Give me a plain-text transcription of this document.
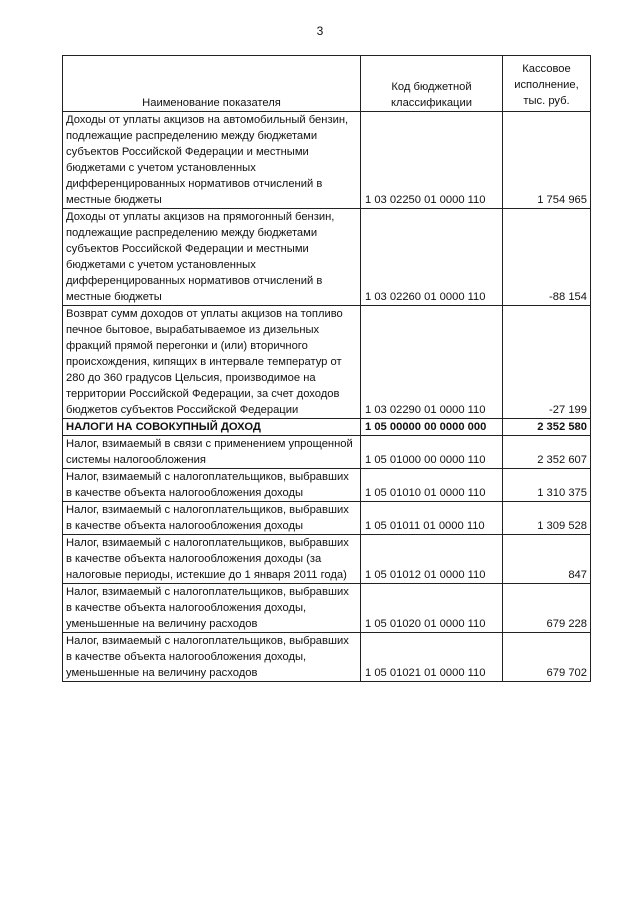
3
Наименование показателя	Код бюджетной классификации	Кассовое исполнение, тыс. руб.
Доходы от уплаты акцизов на автомобильный бензин, подлежащие распределению между бюджетами субъектов Российской Федерации и местными бюджетами с учетом установленных дифференцированных нормативов отчислений в местные бюджеты	1 03 02250 01 0000 110	1 754 965
Доходы от уплаты акцизов на прямогонный бензин, подлежащие распределению между бюджетами субъектов Российской Федерации и местными бюджетами с учетом установленных дифференцированных нормативов отчислений в местные бюджеты	1 03 02260 01 0000 110	-88 154
Возврат сумм доходов от уплаты акцизов на топливо печное бытовое, вырабатываемое из дизельных фракций прямой перегонки и (или) вторичного происхождения, кипящих в интервале температур от 280 до 360 градусов Цельсия, производимое на территории Российской Федерации, за счет доходов бюджетов субъектов Российской Федерации	1 03 02290 01 0000 110	-27 199
НАЛОГИ НА СОВОКУПНЫЙ ДОХОД	1 05 00000 00 0000 000	2 352 580
Налог, взимаемый в связи с применением упрощенной системы налогообложения	1 05 01000 00 0000 110	2 352 607
Налог, взимаемый с налогоплательщиков, выбравших в качестве объекта налогообложения доходы	1 05 01010 01 0000 110	1 310 375
Налог, взимаемый с налогоплательщиков, выбравших в качестве объекта налогообложения доходы	1 05 01011 01 0000 110	1 309 528
Налог, взимаемый с налогоплательщиков, выбравших в качестве объекта налогообложения доходы (за налоговые периоды, истекшие до 1 января 2011 года)	1 05 01012 01 0000 110	847
Налог, взимаемый с налогоплательщиков, выбравших в качестве объекта налогообложения доходы, уменьшенные на величину расходов	1 05 01020 01 0000 110	679 228
Налог, взимаемый с налогоплательщиков, выбравших в качестве объекта налогообложения доходы, уменьшенные на величину расходов	1 05 01021 01 0000 110	679 702
